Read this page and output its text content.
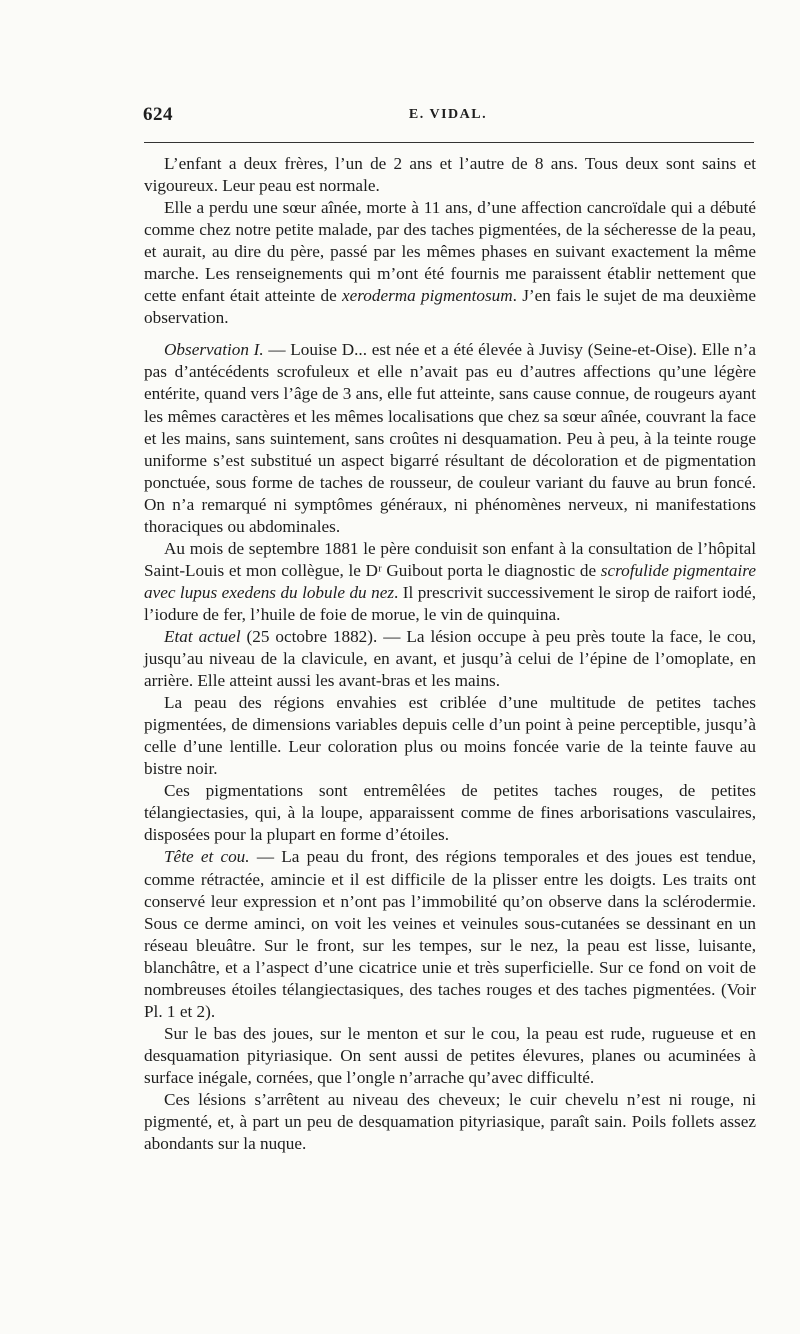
624	E. VIDAL.

L’enfant a deux frères, l’un de 2 ans et l’autre de 8 ans. Tous deux sont sains et vigoureux. Leur peau est normale.

Elle a perdu une sœur aînée, morte à 11 ans, d’une affection cancroïdale qui a débuté comme chez notre petite malade, par des taches pigmentées, de la sécheresse de la peau, et aurait, au dire du père, passé par les mêmes phases en suivant exactement la même marche. Les renseignements qui m’ont été fournis me paraissent établir nettement que cette enfant était atteinte de xeroderma pigmentosum. J’en fais le sujet de ma deuxième observation.

Observation I. — Louise D... est née et a été élevée à Juvisy (Seine-et-Oise). Elle n’a pas d’antécédents scrofuleux et elle n’avait pas eu d’autres affections qu’une légère entérite, quand vers l’âge de 3 ans, elle fut atteinte, sans cause connue, de rougeurs ayant les mêmes caractères et les mêmes localisations que chez sa sœur aînée, couvrant la face et les mains, sans suintement, sans croûtes ni desquamation. Peu à peu, à la teinte rouge uniforme s’est substitué un aspect bigarré résultant de décoloration et de pigmentation ponctuée, sous forme de taches de rousseur, de couleur variant du fauve au brun foncé. On n’a remarqué ni symptômes généraux, ni phénomènes nerveux, ni manifestations thoraciques ou abdominales.

Au mois de septembre 1881 le père conduisit son enfant à la consultation de l’hôpital Saint-Louis et mon collègue, le Dʳ Guibout porta le diagnostic de scrofulide pigmentaire avec lupus exedens du lobule du nez. Il prescrivit successivement le sirop de raifort iodé, l’iodure de fer, l’huile de foie de morue, le vin de quinquina.

Etat actuel (25 octobre 1882). — La lésion occupe à peu près toute la face, le cou, jusqu’au niveau de la clavicule, en avant, et jusqu’à celui de l’épine de l’omoplate, en arrière. Elle atteint aussi les avant-bras et les mains.

La peau des régions envahies est criblée d’une multitude de petites taches pigmentées, de dimensions variables depuis celle d’un point à peine perceptible, jusqu’à celle d’une lentille. Leur coloration plus ou moins foncée varie de la teinte fauve au bistre noir.

Ces pigmentations sont entremêlées de petites taches rouges, de petites télangiectasies, qui, à la loupe, apparaissent comme de fines arborisations vasculaires, disposées pour la plupart en forme d’étoiles.

Tête et cou. — La peau du front, des régions temporales et des joues est tendue, comme rétractée, amincie et il est difficile de la plisser entre les doigts. Les traits ont conservé leur expression et n’ont pas l’immobilité qu’on observe dans la sclérodermie. Sous ce derme aminci, on voit les veines et veinules sous-cutanées se dessinant en un réseau bleuâtre. Sur le front, sur les tempes, sur le nez, la peau est lisse, luisante, blanchâtre, et a l’aspect d’une cicatrice unie et très superficielle. Sur ce fond on voit de nombreuses étoiles télangiectasiques, des taches rouges et des taches pigmentées. (Voir Pl. 1 et 2).

Sur le bas des joues, sur le menton et sur le cou, la peau est rude, rugueuse et en desquamation pityriasique. On sent aussi de petites élevures, planes ou acuminées à surface inégale, cornées, que l’ongle n’arrache qu’avec difficulté.

Ces lésions s’arrêtent au niveau des cheveux; le cuir chevelu n’est ni rouge, ni pigmenté, et, à part un peu de desquamation pityriasique, paraît sain. Poils follets assez abondants sur la nuque.
